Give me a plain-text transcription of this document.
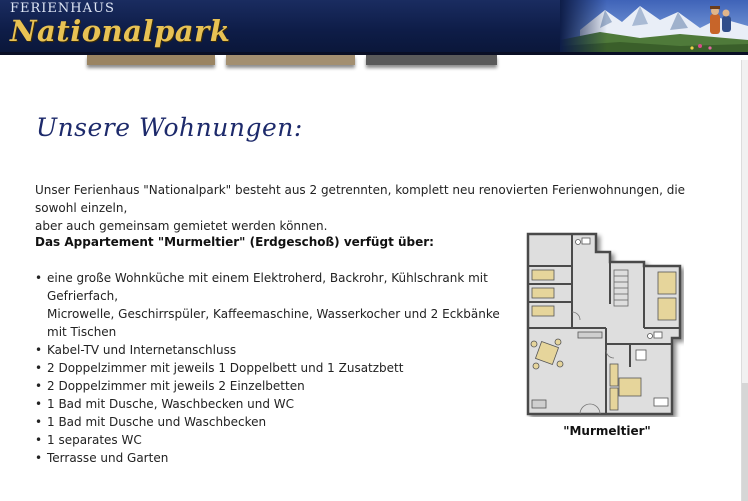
FERIENHAUS
Nationalpark
Unsere Wohnungen:
Unser Ferienhaus "Nationalpark" besteht aus 2 getrennten, komplett neu renovierten Ferienwohnungen, die sowohl einzeln,
aber auch gemeinsam gemietet werden können.
Das Appartement "Murmeltier" (Erdgeschoß) verfügt über:
• eine große Wohnküche mit einem Elektroherd, Backrohr, Kühlschrank mit Gefrierfach,
Microwelle, Geschirrspüler, Kaffeemaschine, Wasserkocher und 2 Eckbänke mit Tischen
• Kabel-TV und Internetanschluss
• 2 Doppelzimmer mit jeweils 1 Doppelbett und 1 Zusatzbett
• 2 Doppelzimmer mit jeweils 2 Einzelbetten
• 1 Bad mit Dusche, Waschbecken und WC
• 1 Bad mit Dusche und Waschbecken
• 1 separates WC
• Terrasse und Garten
"Murmeltier"
